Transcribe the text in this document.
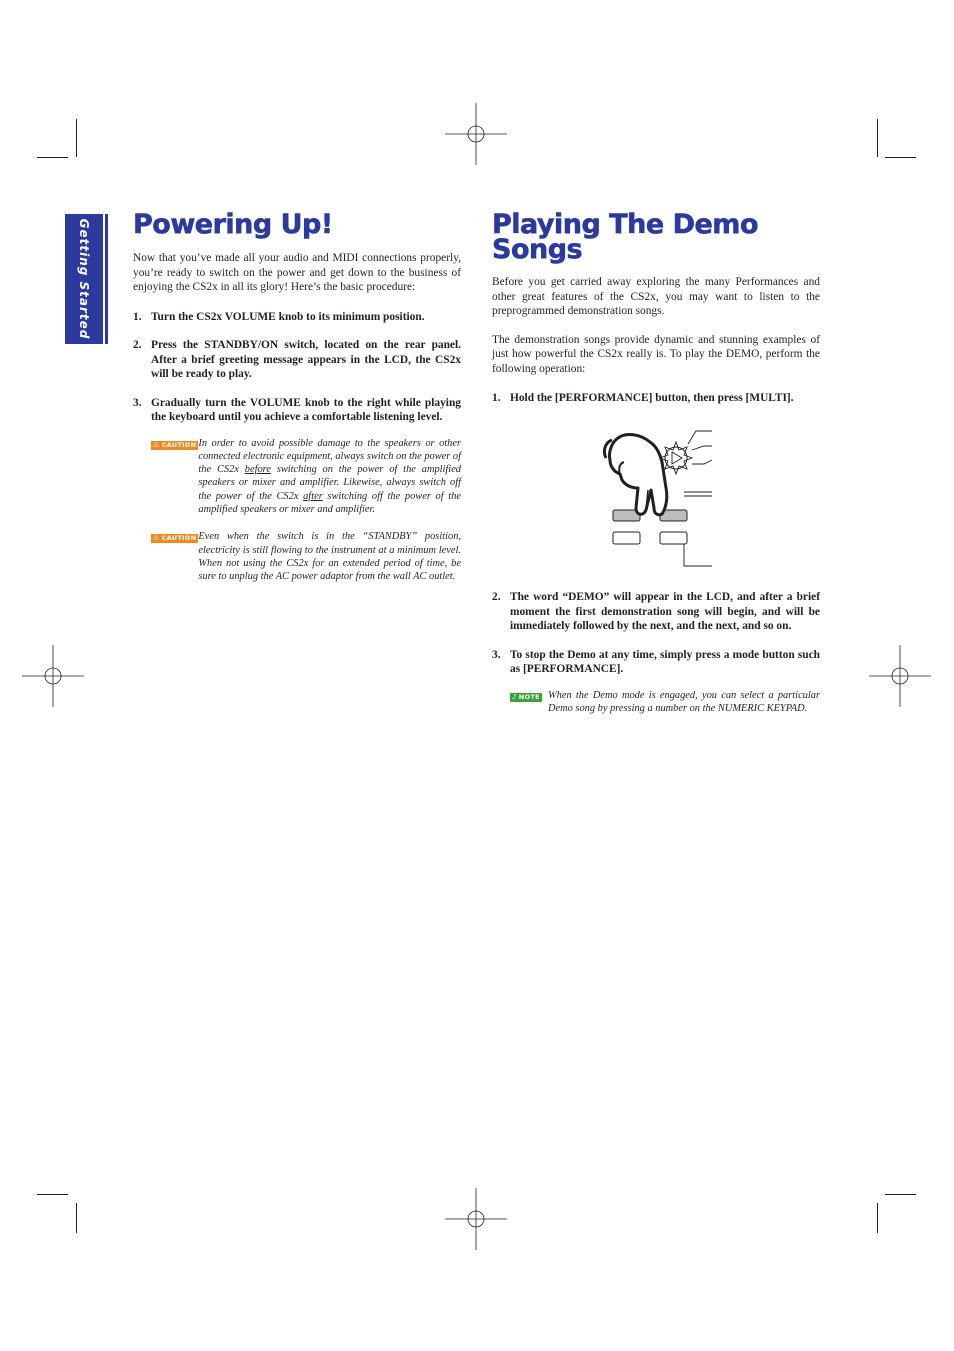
Getting Started Powering Up!

Now that you’ve made all your audio and MIDI connections properly, you’re ready to switch on the power and get down to the business of enjoying the CS2x in all its glory! Here’s the basic procedure:

1. Turn the CS2x VOLUME knob to its minimum position.
2. Press the STANDBY/ON switch, located on the rear panel. After a brief greeting message appears in the LCD, the CS2x will be ready to play.
3. Gradually turn the VOLUME knob to the right while playing the keyboard until you achieve a comfortable listening level.
⚠ CAUTION In order to avoid possible damage to the speakers or other connected electronic equipment, always switch on the power of the CS2x before switching on the power of the amplified speakers or mixer and amplifier. Likewise, always switch off the power of the CS2x after switching off the power of the amplified speakers or mixer and amplifier.
⚠ CAUTION Even when the switch is in the “STANDBY” position, electricity is still flowing to the instrument at a minimum level. When not using the CS2x for an extended period of time, be sure to unplug the AC power adaptor from the wall AC outlet.
Playing The Demo
Songs

Before you get carried away exploring the many Performances and other great features of the CS2x, you may want to listen to the preprogrammed demonstration songs.

The demonstration songs provide dynamic and stunning examples of just how powerful the CS2x really is. To play the DEMO, perform the following operation:

1. Hold the [PERFORMANCE] button, then press [MULTI].
2. The word “DEMO” will appear in the LCD, and after a brief moment the first demonstration song will begin, and will be immediately followed by the next, and the next, and so on.
3. To stop the Demo at any time, simply press a mode button such as [PERFORMANCE].
♪ NOTE When the Demo mode is engaged, you can select a particular Demo song by pressing a number on the NUMERIC KEYPAD.
